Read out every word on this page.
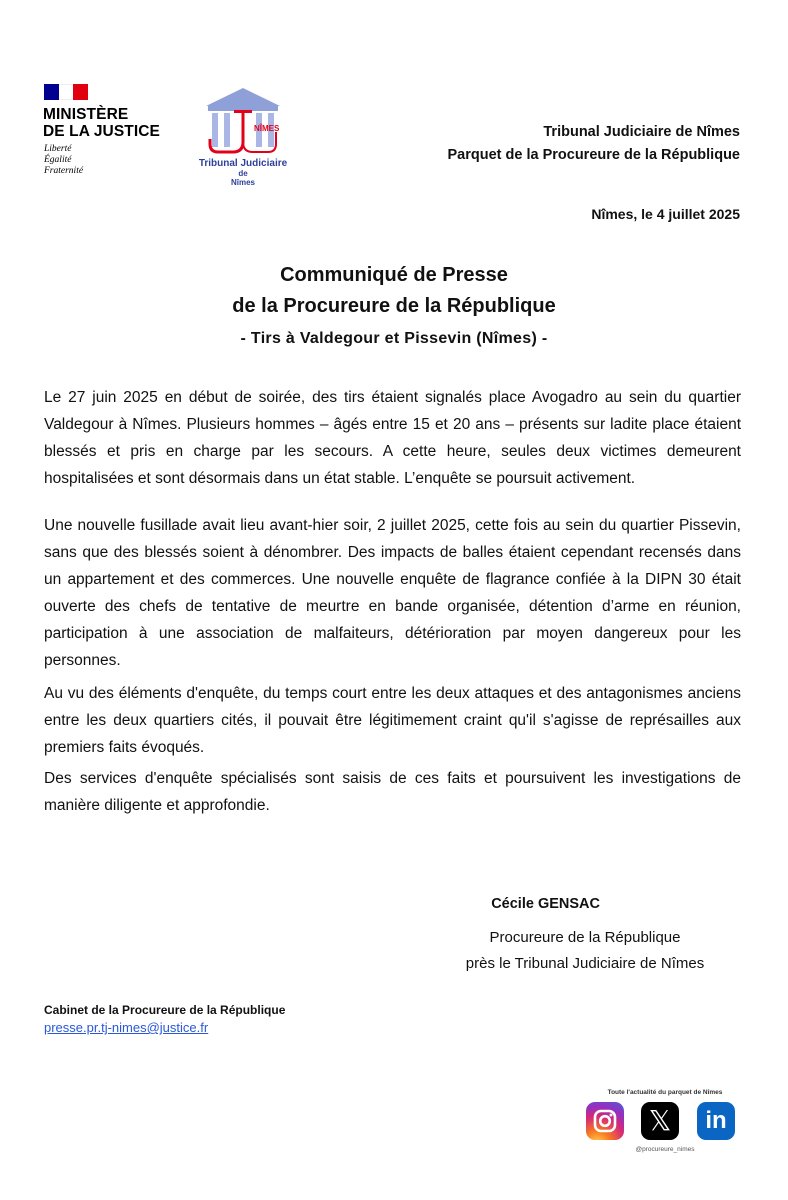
MINISTÈRE
DE LA JUSTICE
Liberté
Égalité
Fraternité
NÎMES
Tribunal Judiciaire
de
Nîmes
Tribunal Judiciaire de Nîmes
Parquet de la Procureure de la République
Nîmes, le 4 juillet 2025
Communiqué de Presse
de la Procureure de la République
- Tirs à Valdegour et Pissevin (Nîmes) -

Le 27 juin 2025 en début de soirée, des tirs étaient signalés place Avogadro au sein du quartier Valdegour à Nîmes. Plusieurs hommes – âgés entre 15 et 20 ans – présents sur ladite place étaient blessés et pris en charge par les secours. A cette heure, seules deux victimes demeurent hospitalisées et sont désormais dans un état stable. L’enquête se poursuit activement.

Une nouvelle fusillade avait lieu avant-hier soir, 2 juillet 2025, cette fois au sein du quartier Pissevin, sans que des blessés soient à dénombrer. Des impacts de balles étaient cependant recensés dans un appartement et des commerces. Une nouvelle enquête de flagrance confiée à la DIPN 30 était ouverte des chefs de tentative de meurtre en bande organisée, détention d’arme en réunion, participation à une association de malfaiteurs, détérioration par moyen dangereux pour les personnes.

Au vu des éléments d'enquête, du temps court entre les deux attaques et des antagonismes anciens entre les deux quartiers cités, il pouvait être légitimement craint qu'il s'agisse de représailles aux premiers faits évoqués.

Des services d'enquête spécialisés sont saisis de ces faits et poursuivent les investigations de manière diligente et approfondie.

Cécile GENSAC
Procureure de la République
près le Tribunal Judiciaire de Nîmes
Cabinet de la Procureure de la République
presse.pr.tj-nimes@justice.fr
Toute l'actualité du parquet de Nîmes
𝕏	in
@procureure_nimes
